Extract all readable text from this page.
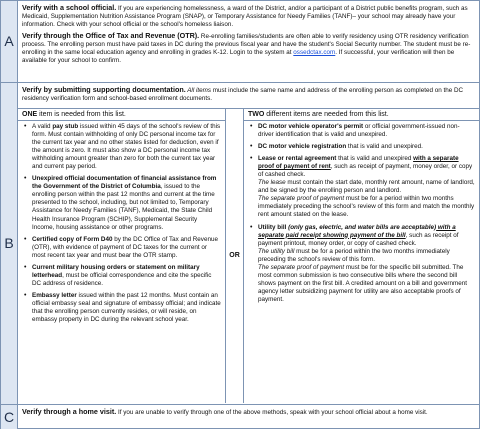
A

Verify with a school official. If you are experiencing homelessness, a ward of the District, and/or a participant of a District public benefits program, such as Medicaid, Supplementation Nutrition Assistance Program (SNAP), or Temporary Assistance for Needy Families (TANF)– your school may already have your information. Check with your school official or the school's homeless liaison.

Verify through the Office of Tax and Revenue (OTR). Re-enrolling families/students are often able to verify residency using OTR residency verification process. The enrolling person must have paid taxes in DC during the previous fiscal year and have the student's Social Security number. The student must be re-enrolling in the same local education agency and enrolling in grades K-12. Login to the system at ossedctax.com. If successful, your verification will then be available for your school to confirm.

B
Verify by submitting supporting documentation. All items must include the same name and address of the enrolling person as completed on the DC residency verification form and school-based enrollment documents.
ONE item is needed from this list.
• A valid pay stub issued within 45 days of the school's review of this form. Must contain withholding of only DC personal income tax for the current tax year and no other states listed for deduction, even if the amount is zero. It must also show a DC personal income tax withholding amount greater than zero for both the current tax year and current pay period.
• Unexpired official documentation of financial assistance from the Government of the District of Columbia, issued to the enrolling person within the past 12 months and current at the time presented to the school, including, but not limited to, Temporary Assistance for Needy Families (TANF), Medicaid, the State Child Health Insurance Program (SCHIP), Supplemental Security Income, housing assistance or other programs.
• Certified copy of Form D40 by the DC Office of Tax and Revenue (OTR), with evidence of payment of DC taxes for the current or most recent tax year and must bear the OTR stamp.
• Current military housing orders or statement on military letterhead, must be official correspondence and cite the specific DC address of residence.
• Embassy letter issued within the past 12 months. Must contain an official embassy seal and signature of embassy official; and indicate that the enrolling person currently resides, or will reside, on embassy property in DC during the relevant school year.
OR
TWO different items are needed from this list.
• DC motor vehicle operator's permit or official government-issued non-driver identification that is valid and unexpired.
• DC motor vehicle registration that is valid and unexpired.
• Lease or rental agreement that is valid and unexpired with a separate proof of payment of rent, such as receipt of payment, money order, or copy of cashed check.
The lease must contain the start date, monthly rent amount, name of landlord, and be signed by the enrolling person and landlord.
The separate proof of payment must be for a period within two months immediately preceding the school's review of this form and match the monthly rent amount stated on the lease.
• Utility bill (only gas, electric, and water bills are acceptable) with a separate paid receipt showing payment of the bill, such as receipt of payment printout, money order, or copy of cashed check.
The utility bill must be for a period within the two months immediately preceding the school's review of this form.
The separate proof of payment must be for the specific bill submitted. The most common submission is two consecutive bills where the second bill shows payment on the first bill. A credited amount on a bill and government agency letter subsidizing payment for utility are also acceptable proofs of payment.
C	Verify through a home visit. If you are unable to verify through one of the above methods, speak with your school official about a home visit.
